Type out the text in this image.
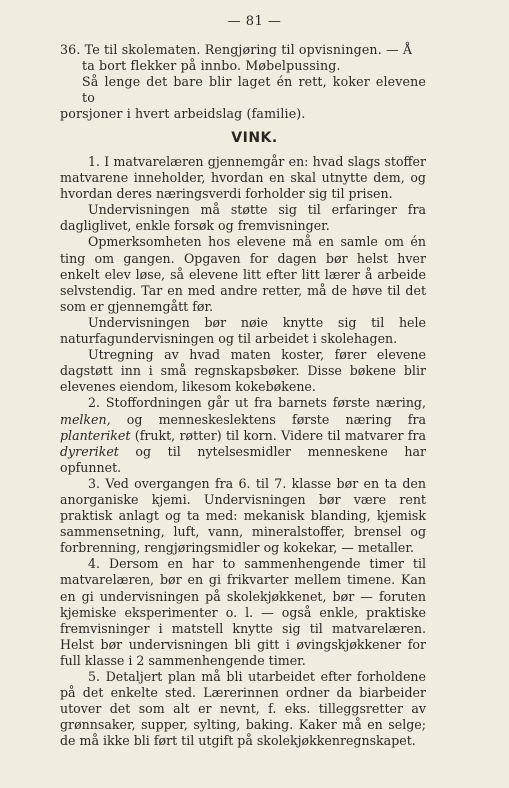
— 81 —

36. Te til skolematen. Rengjøring til opvisningen. — Å

ta bort flekker på innbo. Møbelpussing.

Så lenge det bare blir laget én rett, koker elevene to

porsjoner i hvert arbeidslag (familie).

VINK.

1. I matvarelæren gjennemgår en: hvad slags stoffer matvarene inneholder, hvordan en skal utnytte dem, og hvordan deres næringsverdi forholder sig til prisen.

Undervisningen må støtte sig til erfaringer fra dagliglivet, enkle forsøk og fremvisninger.

Opmerksomheten hos elevene må en samle om én ting om gangen. Opgaven for dagen bør helst hver enkelt elev løse, så elevene litt efter litt lærer å arbeide selvstendig. Tar en med andre retter, må de høve til det som er gjennemgått før.

Undervisningen bør nøie knytte sig til hele naturfagundervisningen og til arbeidet i skolehagen.

Utregning av hvad maten koster, fører elevene dagstøtt inn i små regnskapsbøker. Disse bøkene blir elevenes eiendom, likesom kokebøkene.

2. Stoffordningen går ut fra barnets første næring, melken, og menneskeslektens første næring fra planteriket (frukt, røtter) til korn. Videre til matvarer fra dyreriket og til nytelsesmidler menneskene har opfunnet.

3. Ved overgangen fra 6. til 7. klasse bør en ta den anorganiske kjemi. Undervisningen bør være rent praktisk anlagt og ta med: mekanisk blanding, kjemisk sammensetning, luft, vann, mineralstoffer, brensel og forbrenning, rengjøringsmidler og kokekar, — metaller.

4. Dersom en har to sammenhengende timer til matvarelæren, bør en gi frikvarter mellem timene. Kan en gi undervisningen på skolekjøkkenet, bør — foruten kjemiske eksperimenter o. l. — også enkle, praktiske fremvisninger i matstell knytte sig til matvarelæren. Helst bør undervisningen bli gitt i øvingskjøkkener for full klasse i 2 sammenhengende timer.

5. Detaljert plan må bli utarbeidet efter forholdene på det enkelte sted. Lærerinnen ordner da biarbeider utover det som alt er nevnt, f. eks. tilleggsretter av grønnsaker, supper, sylting, baking. Kaker må en selge; de må ikke bli ført til utgift på skolekjøkkenregnskapet.
